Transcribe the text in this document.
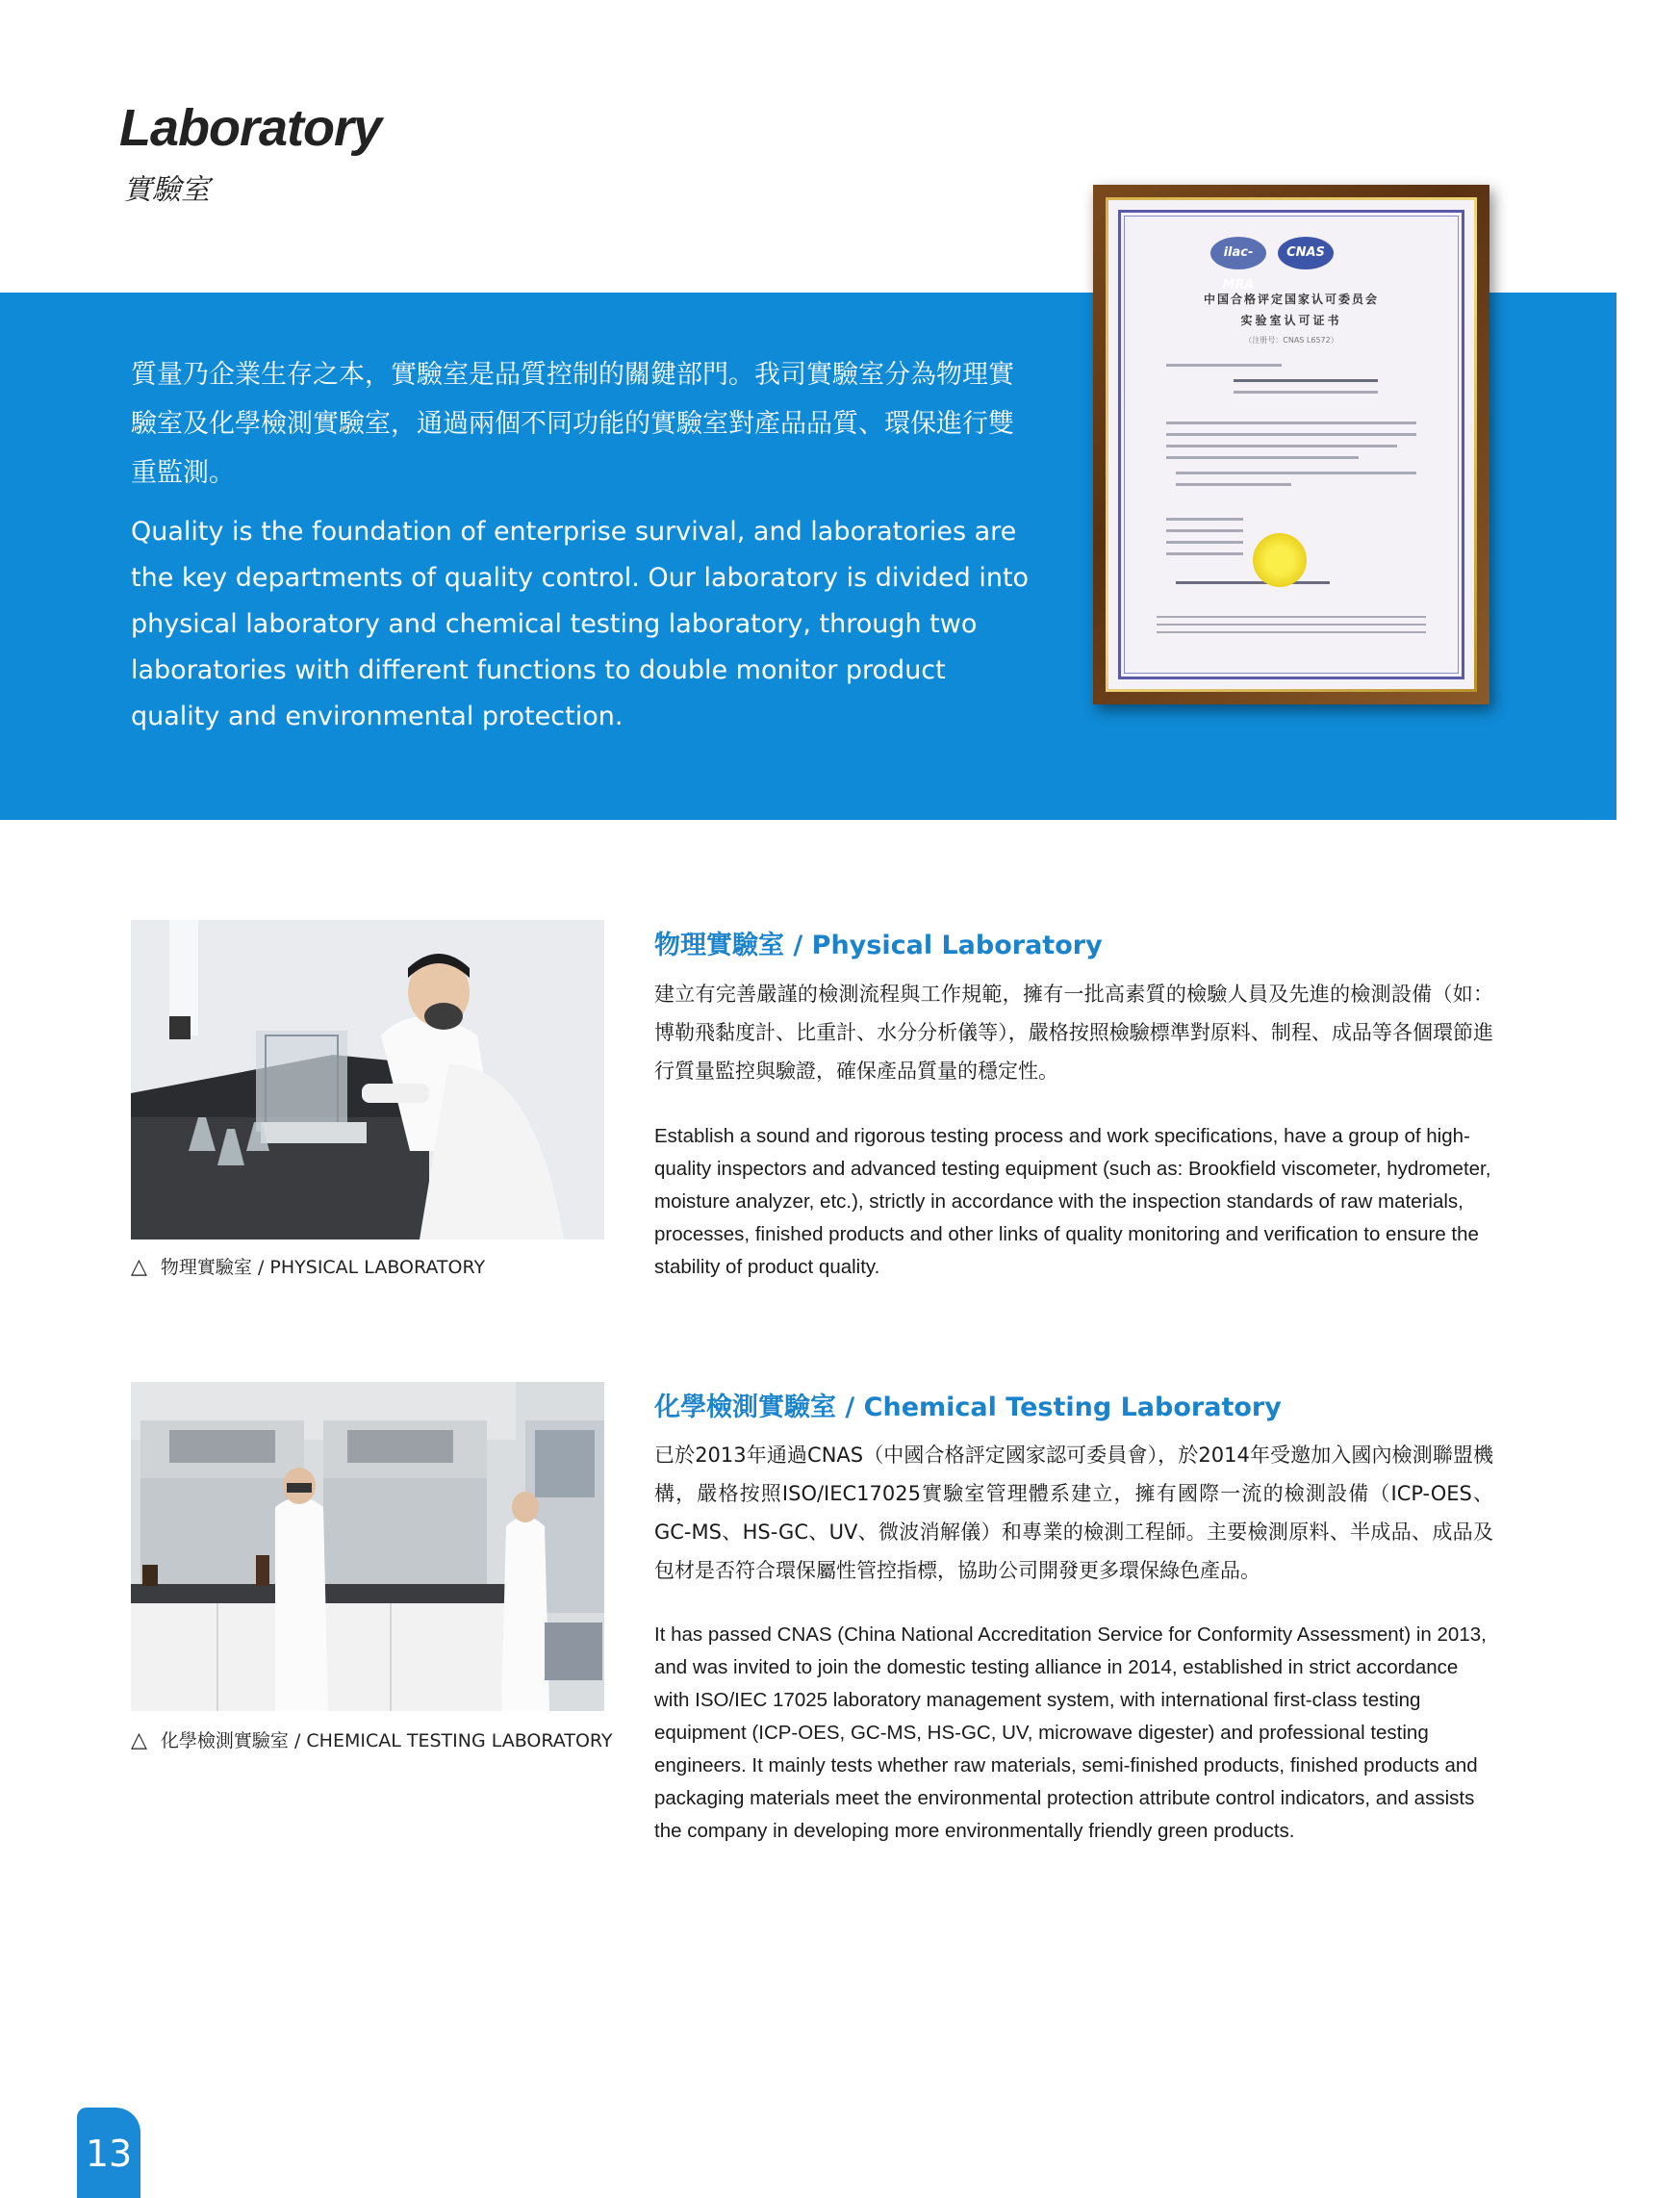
Laboratory
實驗室
質量乃企業生存之本，實驗室是品質控制的關鍵部門。我司實驗室分為物理實驗室及化學檢測實驗室，通過兩個不同功能的實驗室對產品品質、環保進行雙重監測。
Quality is the foundation of enterprise survival, and laboratories are the key departments of quality control. Our laboratory is divided into physical laboratory and chemical testing laboratory, through two laboratories with different functions to double monitor product quality and environmental protection.
ilac-MRA
CNAS
中国合格评定国家认可委员会
实验室认可证书
（注册号：CNAS L6572）
△ 物理實驗室 / PHYSICAL LABORATORY
物理實驗室 / Physical Laboratory
建立有完善嚴謹的檢測流程與工作規範，擁有一批高素質的檢驗人員及先進的檢測設備（如：博勒飛黏度計、比重計、水分分析儀等），嚴格按照檢驗標準對原料、制程、成品等各個環節進行質量監控與驗證，確保產品質量的穩定性。
Establish a sound and rigorous testing process and work specifications, have a group of high-quality inspectors and advanced testing equipment (such as: Brookfield viscometer, hydrometer, moisture analyzer, etc.), strictly in accordance with the inspection standards of raw materials, processes, finished products and other links of quality monitoring and verification to ensure the stability of product quality.
△ 化學檢測實驗室 / CHEMICAL TESTING LABORATORY
化學檢測實驗室 / Chemical Testing Laboratory
已於2013年通過CNAS（中國合格評定國家認可委員會），於2014年受邀加入國內檢測聯盟機構，嚴格按照ISO/IEC17025實驗室管理體系建立，擁有國際一流的檢測設備（ICP-OES、GC-MS、HS-GC、UV、微波消解儀）和專業的檢測工程師。主要檢測原料、半成品、成品及包材是否符合環保屬性管控指標，協助公司開發更多環保綠色產品。
It has passed CNAS (China National Accreditation Service for Conformity Assessment) in 2013, and was invited to join the domestic testing alliance in 2014, established in strict accordance with ISO/IEC 17025 laboratory management system, with international first-class testing equipment (ICP-OES, GC-MS, HS-GC, UV, microwave digester) and professional testing engineers. It mainly tests whether raw materials, semi-finished products, finished products and packaging materials meet the environmental protection attribute control indicators, and assists the company in developing more environmentally friendly green products.
13
